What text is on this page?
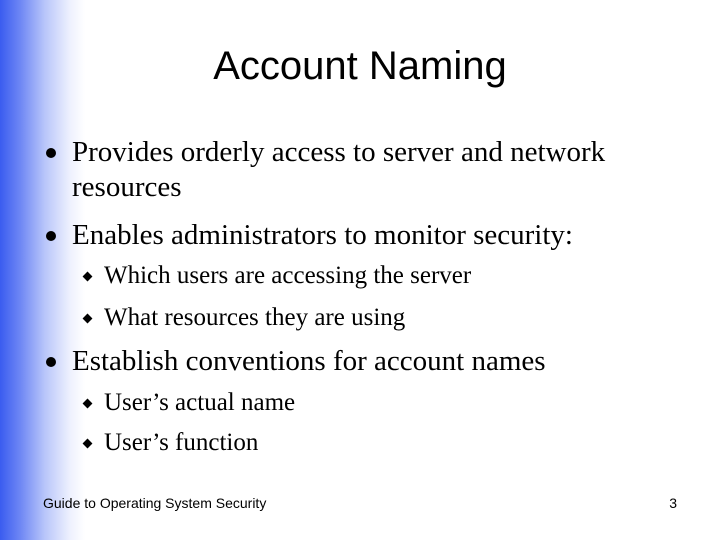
Account Naming
Provides orderly access to server and network resources
Enables administrators to monitor security:
Which users are accessing the server
What resources they are using
Establish conventions for account names
User’s actual name
User’s function
Guide to Operating System Security	3
